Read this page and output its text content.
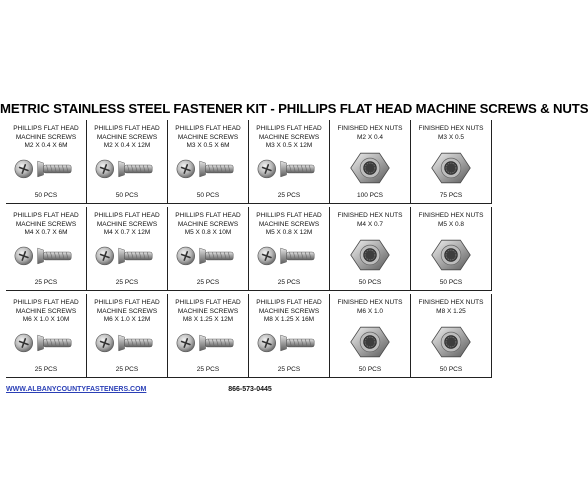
METRIC STAINLESS STEEL FASTENER KIT - PHILLIPS FLAT HEAD MACHINE SCREWS & NUTS
PHILLIPS FLAT HEAD
MACHINE SCREWS
M2 X 0.4 X 6M
50 PCS
PHILLIPS FLAT HEAD
MACHINE SCREWS
M2 X 0.4 X 12M
50 PCS
PHILLIPS FLAT HEAD
MACHINE SCREWS
M3 X 0.5 X 6M
50 PCS
PHILLIPS FLAT HEAD
MACHINE SCREWS
M3 X 0.5 X 12M
25 PCS
FINISHED HEX NUTS
M2 X 0.4
100 PCS
FINISHED HEX NUTS
M3 X 0.5
75 PCS
PHILLIPS FLAT HEAD
MACHINE SCREWS
M4 X 0.7 X 6M
25 PCS
PHILLIPS FLAT HEAD
MACHINE SCREWS
M4 X 0.7 X 12M
25 PCS
PHILLIPS FLAT HEAD
MACHINE SCREWS
M5 X 0.8 X 10M
25 PCS
PHILLIPS FLAT HEAD
MACHINE SCREWS
M5 X 0.8 X 12M
25 PCS
FINISHED HEX NUTS
M4 X 0.7
50 PCS
FINISHED HEX NUTS
M5 X 0.8
50 PCS
PHILLIPS FLAT HEAD
MACHINE SCREWS
M6 X 1.0 X 10M
25 PCS
PHILLIPS FLAT HEAD
MACHINE SCREWS
M6 X 1.0 X 12M
25 PCS
PHILLIPS FLAT HEAD
MACHINE SCREWS
M8 X 1.25 X 12M
25 PCS
PHILLIPS FLAT HEAD
MACHINE SCREWS
M8 X 1.25 X 16M
25 PCS
FINISHED HEX NUTS
M6 X 1.0
50 PCS
FINISHED HEX NUTS
M8 X 1.25
50 PCS
WWW.ALBANYCOUNTYFASTENERS.COM	866-573-0445
